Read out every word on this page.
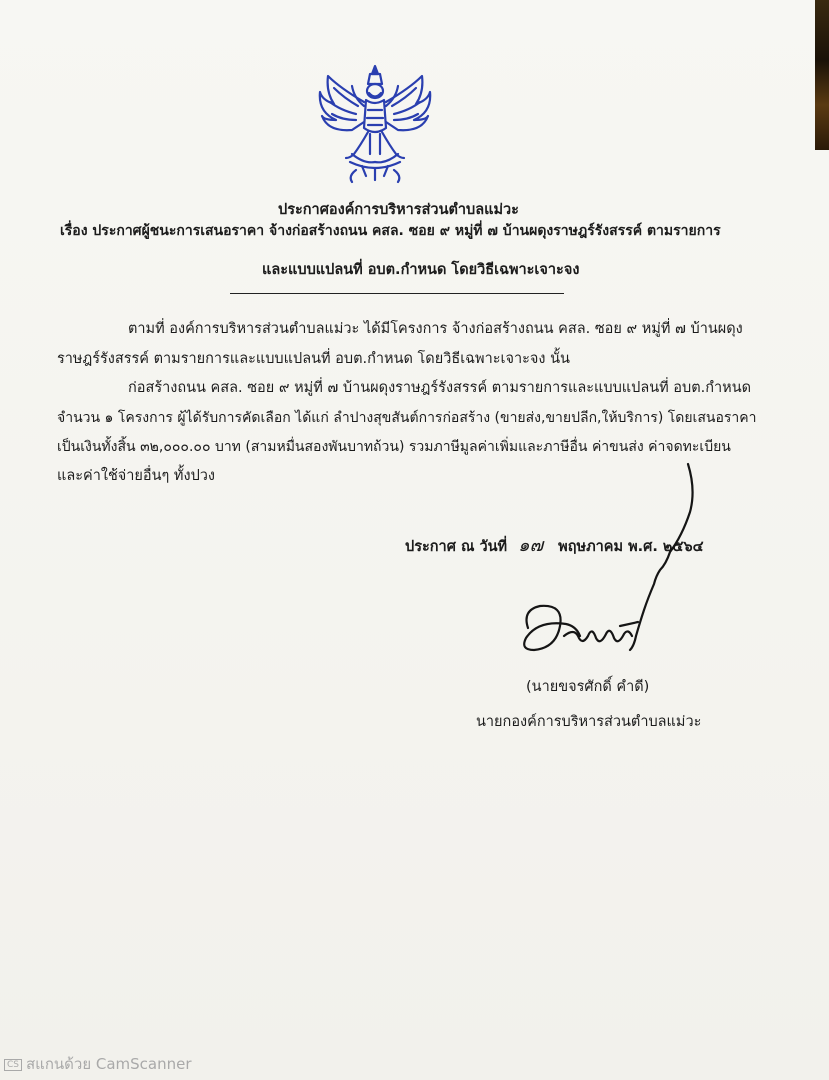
ประกาศองค์การบริหารส่วนตำบลแม่วะ
เรื่อง ประกาศผู้ชนะการเสนอราคา จ้างก่อสร้างถนน คสล. ซอย ๙ หมู่ที่ ๗ บ้านผดุงราษฎร์รังสรรค์ ตามรายการ
และแบบแปลนที่ อบต.กำหนด โดยวิธีเฉพาะเจาะจง
ตามที่ องค์การบริหารส่วนตำบลแม่วะ ได้มีโครงการ จ้างก่อสร้างถนน คสล. ซอย ๙ หมู่ที่ ๗ บ้านผดุง
ราษฎร์รังสรรค์ ตามรายการและแบบแปลนที่ อบต.กำหนด โดยวิธีเฉพาะเจาะจง นั้น
ก่อสร้างถนน คสล. ซอย ๙ หมู่ที่ ๗ บ้านผดุงราษฎร์รังสรรค์ ตามรายการและแบบแปลนที่ อบต.กำหนด
จำนวน ๑ โครงการ ผู้ได้รับการคัดเลือก ได้แก่ ลำปางสุขสันต์การก่อสร้าง (ขายส่ง,ขายปลีก,ให้บริการ) โดยเสนอราคา
เป็นเงินทั้งสิ้น ๓๒,๐๐๐.๐๐ บาท (สามหมื่นสองพันบาทถ้วน) รวมภาษีมูลค่าเพิ่มและภาษีอื่น ค่าขนส่ง ค่าจดทะเบียน
และค่าใช้จ่ายอื่นๆ ทั้งปวง
ประกาศ ณ วันที่ ๑๗ พฤษภาคม พ.ศ. ๒๕๖๔
(นายขจรศักดิ์ คำดี)
นายกองค์การบริหารส่วนตำบลแม่วะ
CS สแกนด้วย CamScanner
